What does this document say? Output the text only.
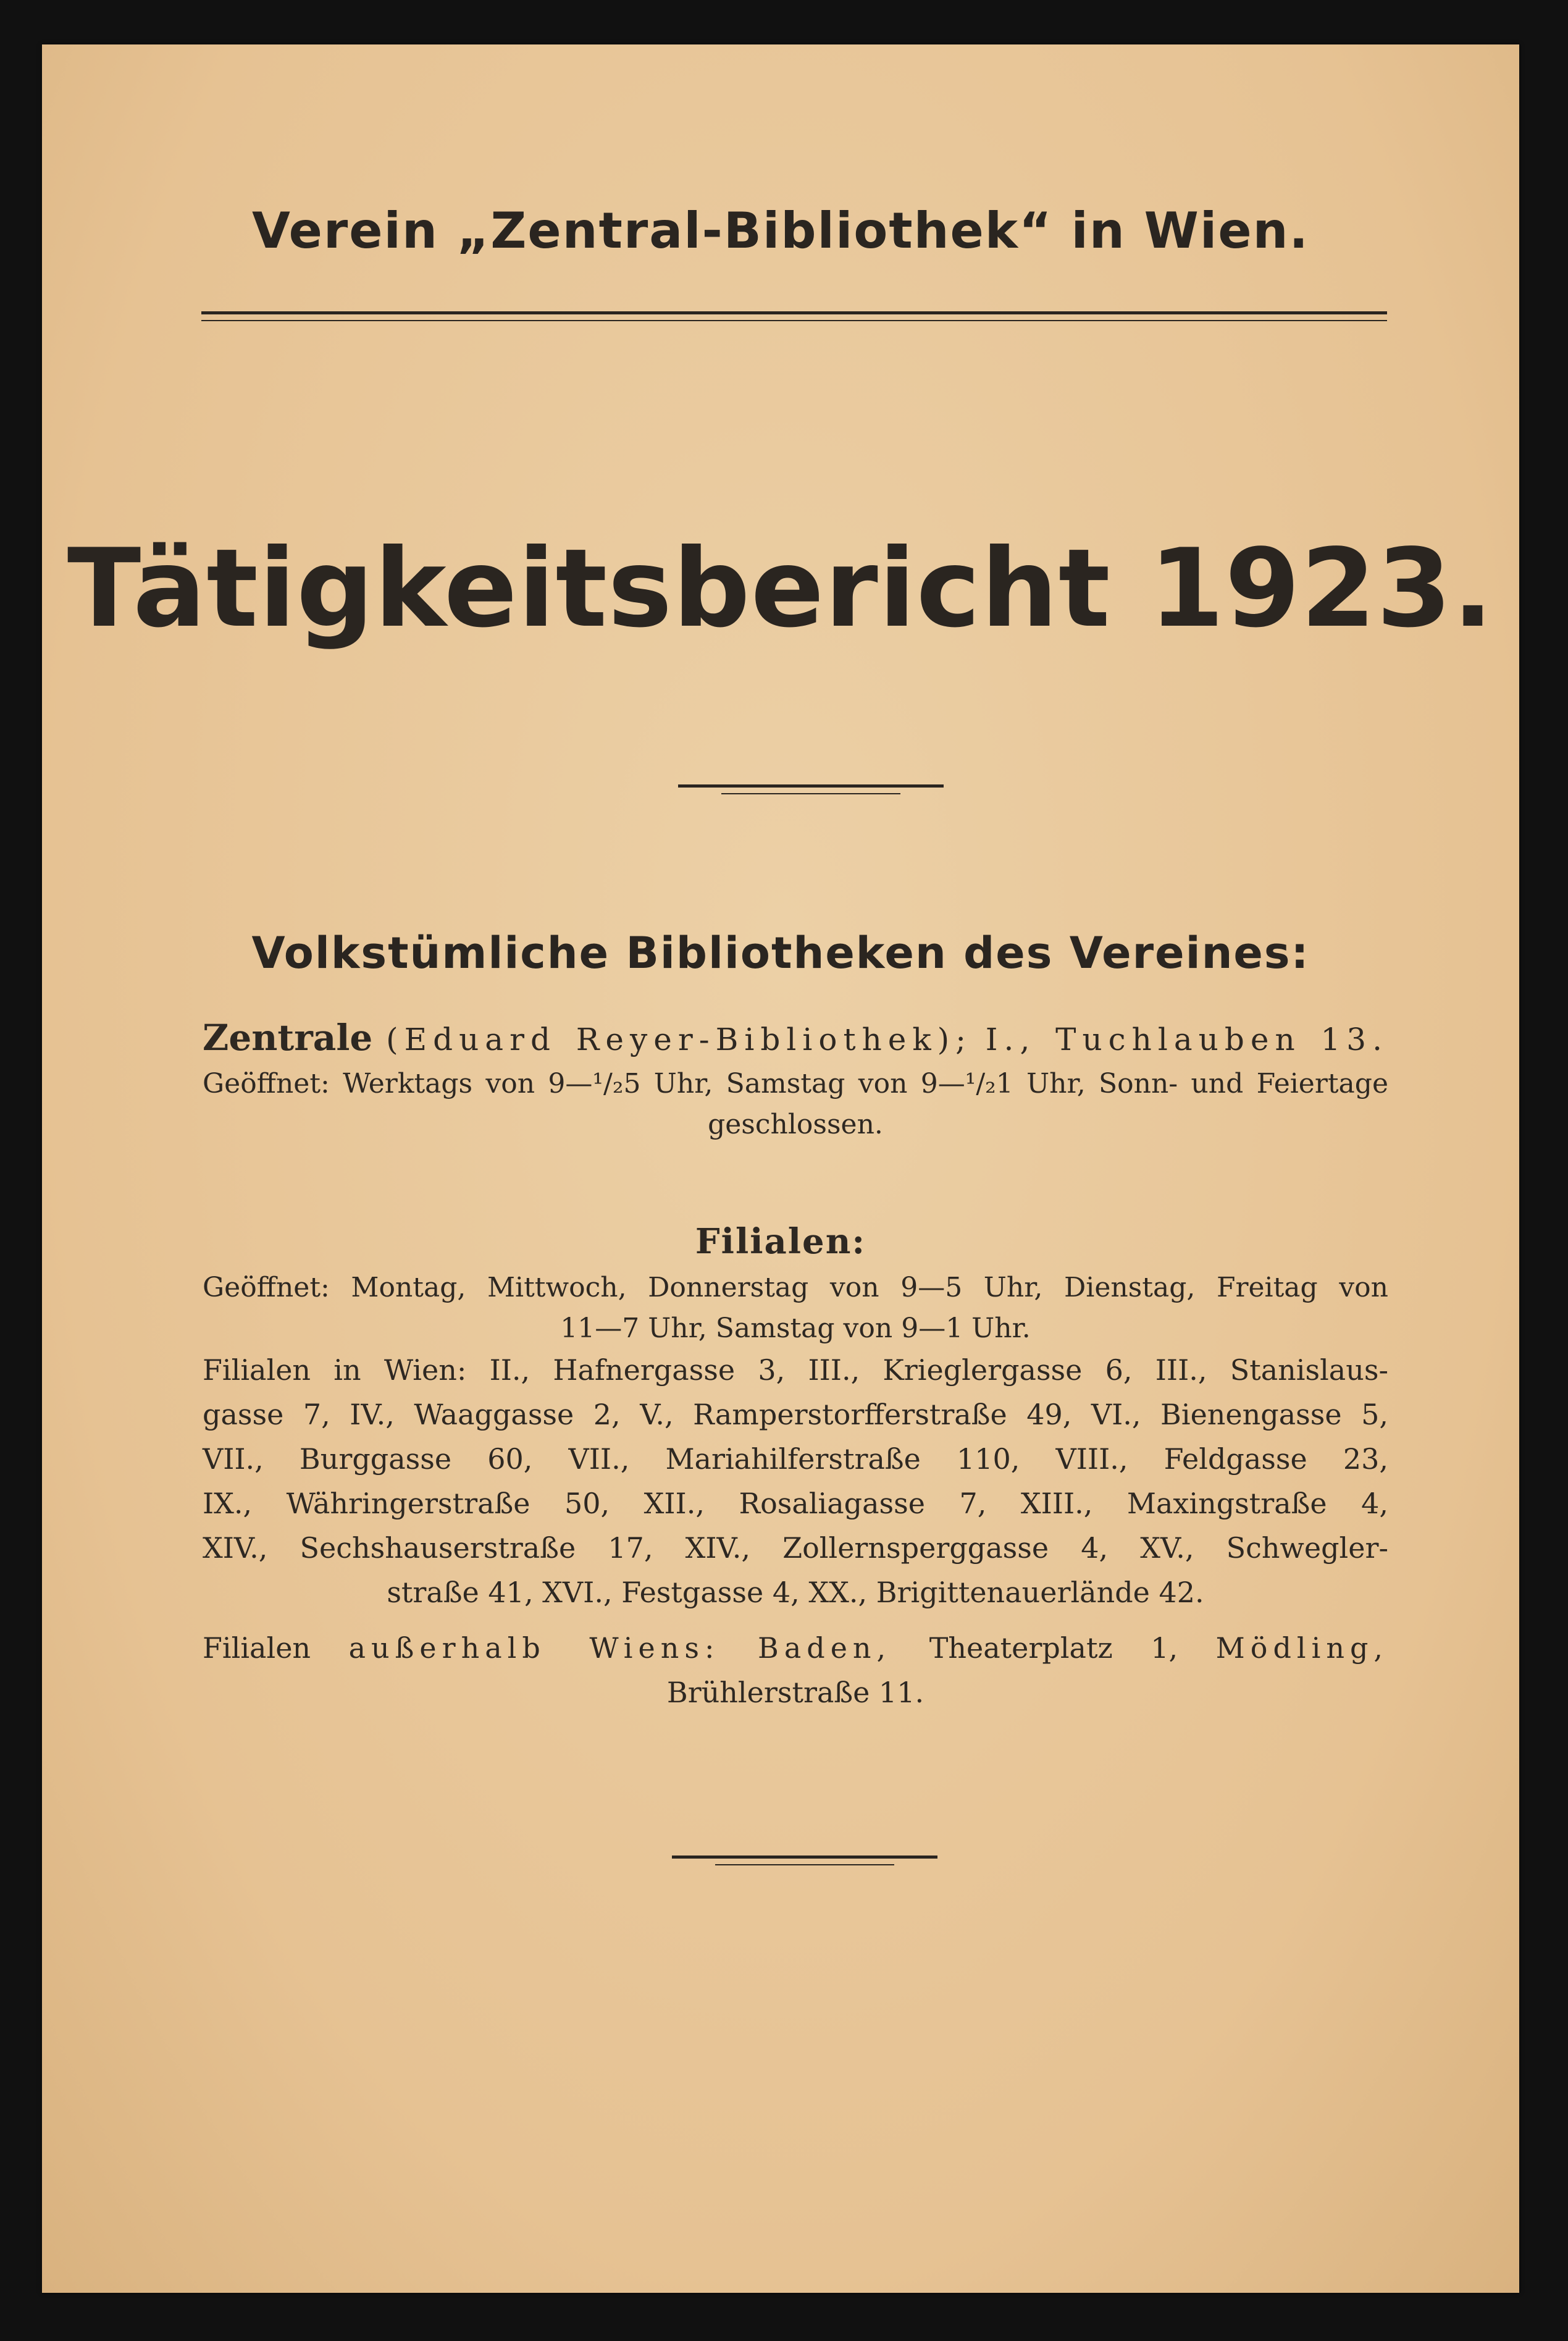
Verein „Zentral-Bibliothek“ in Wien.
Tätigkeitsbericht 1923.
Volkstümliche Bibliotheken des Vereines:
Zentrale (Eduard Reyer-Bibliothek); I., Tuchlauben 13.
Geöffnet: Werktags von 9—¹/₂5 Uhr, Samstag von 9—¹/₂1 Uhr, Sonn- und Feiertage
geschlossen.
Filialen:
Geöffnet: Montag, Mittwoch, Donnerstag von 9—5 Uhr, Dienstag, Freitag von
11—7 Uhr, Samstag von 9—1 Uhr.
Filialen in Wien: II., Hafnergasse 3, III., Krieglergasse 6, III., Stanislaus-
gasse 7, IV., Waaggasse 2, V., Ramperstorfferstraße 49, VI., Bienengasse 5,
VII., Burggasse 60, VII., Mariahilferstraße 110, VIII., Feldgasse 23,
IX., Währingerstraße 50, XII., Rosaliagasse 7, XIII., Maxingstraße 4,
XIV., Sechshauserstraße 17, XIV., Zollernsperggasse 4, XV., Schwegler-
straße 41, XVI., Festgasse 4, XX., Brigittenauerlände 42.
Filialen außerhalb Wiens: Baden, Theaterplatz 1, Mödling,
Brühlerstraße 11.
